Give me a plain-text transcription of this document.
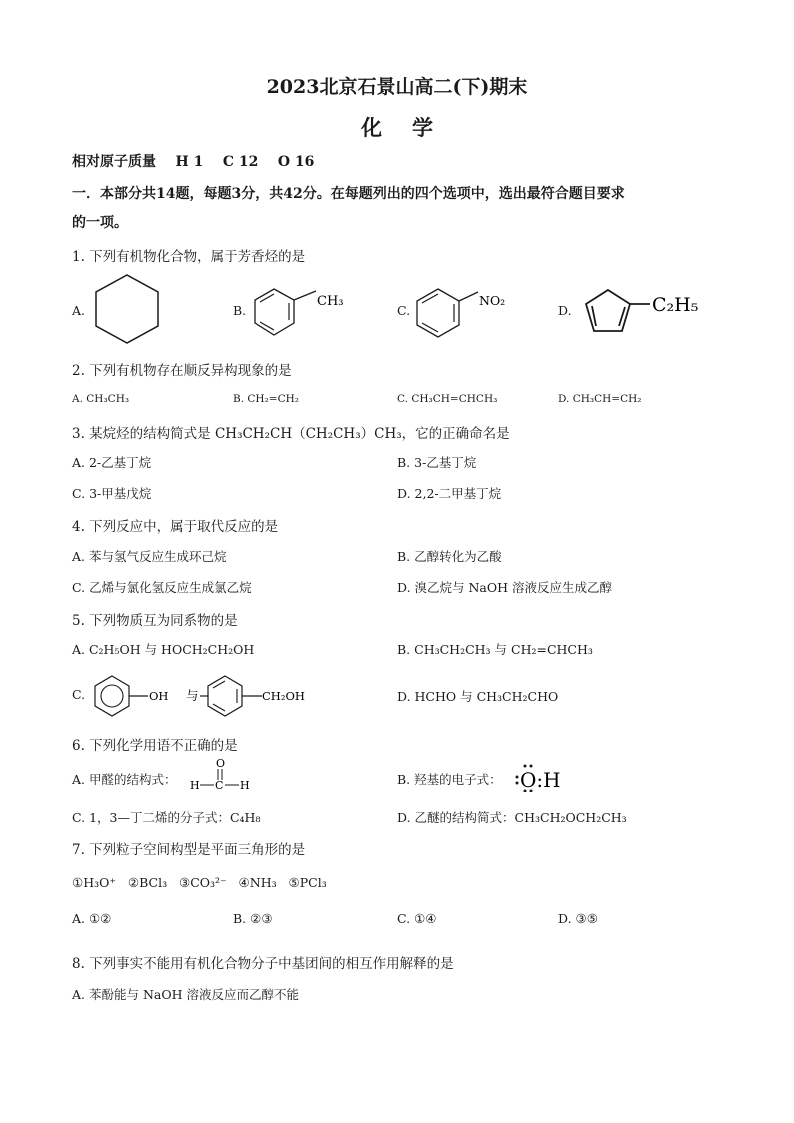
2023北京石景山高二(下)期末
化学
相对原子质量    H 1    C 12    O 16
一．本部分共14题，每题3分，共42分。在每题列出的四个选项中，选出最符合题目要求
的一项。
1. 下列有机物化合物，属于芳香烃的是
A.	B.
CH₃
C.
NO₂
D.	C₂H₅
2. 下列有机物存在顺反异构现象的是
A. CH₃CH₃	B. CH₂=CH₂	C. CH₃CH=CHCH₃	D. CH₃CH=CH₂
3. 某烷烃的结构简式是 CH₃CH₂CH（CH₂CH₃）CH₃，它的正确命名是
A. 2-乙基丁烷	B. 3-乙基丁烷
C. 3-甲基戊烷	D. 2,2-二甲基丁烷
4. 下列反应中，属于取代反应的是
A. 苯与氢气反应生成环己烷	B. 乙醇转化为乙酸
C. 乙烯与氯化氢反应生成氯乙烷	D. 溴乙烷与 NaOH 溶液反应生成乙醇
5. 下列物质互为同系物的是
A. C₂H₅OH 与 HOCH₂CH₂OH	B. CH₃CH₂CH₃ 与 CH₂=CHCH₃
C.	OH 与	CH₂OH	D. HCHO 与 CH₃CH₂CHO
6. 下列化学用语不正确的是
A. 甲醛的结构式：
O
H C H	B. 羟基的电子式： O:H
C. 1，3—丁二烯的分子式：C₄H₈	D. 乙醚的结构简式：CH₃CH₂OCH₂CH₃
7. 下列粒子空间构型是平面三角形的是
①H₃O⁺   ②BCl₃   ③CO₃²⁻   ④NH₃   ⑤PCl₃
A. ①②	B. ②③	C. ①④	D. ③⑤
8. 下列事实不能用有机化合物分子中基团间的相互作用解释的是
A. 苯酚能与 NaOH 溶液反应而乙醇不能
